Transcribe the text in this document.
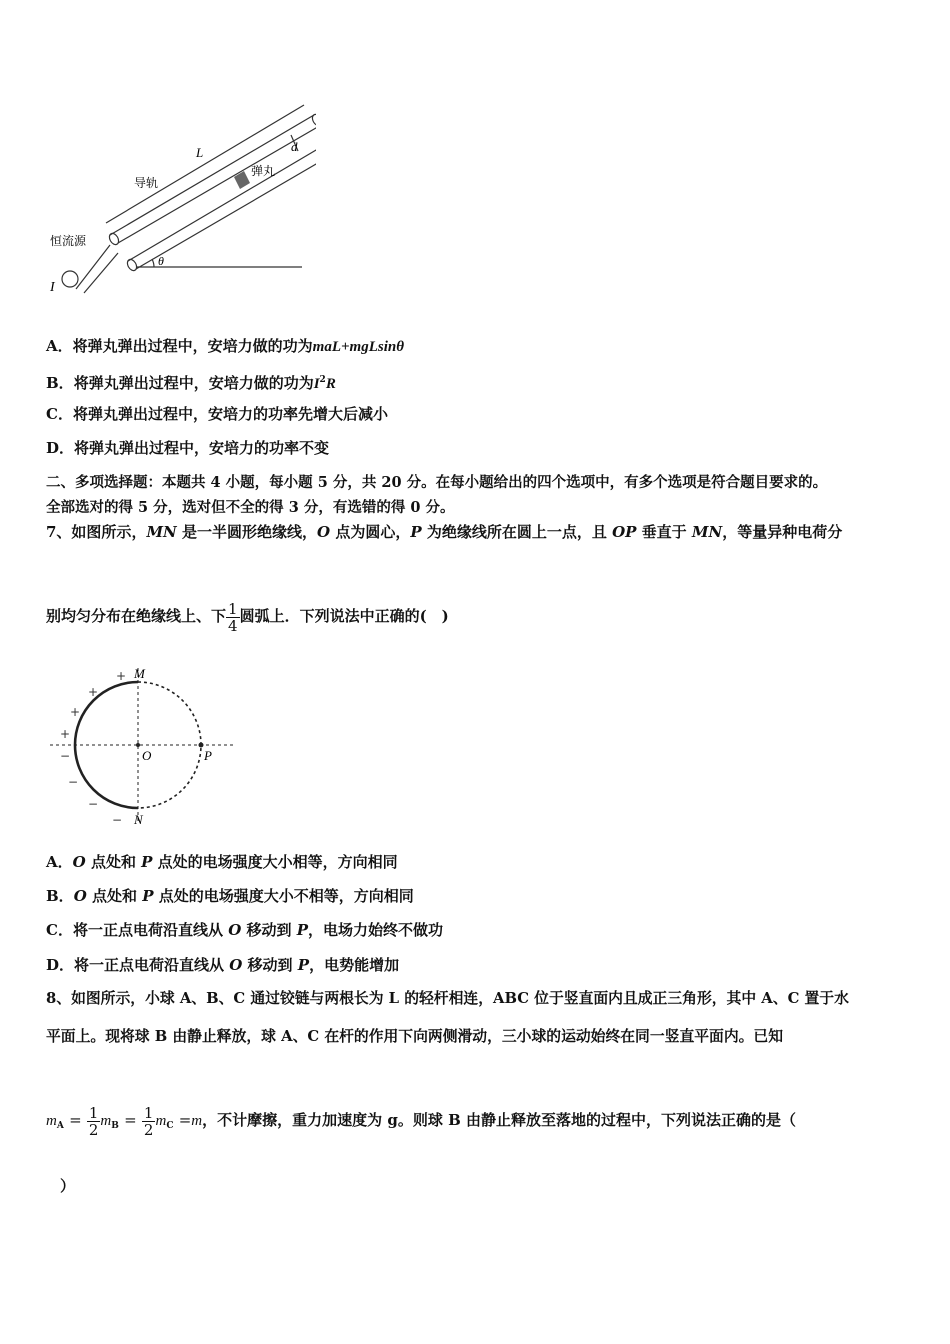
L	d
导轨
弹丸
恒流源
I
θ
A．将弹丸弹出过程中，安培力做的功为maL+mgLsinθ
B．将弹丸弹出过程中，安培力做的功为$I^2R$
C．将弹丸弹出过程中，安培力的功率先增大后减小
D．将弹丸弹出过程中，安培力的功率不变
二、多项选择题：本题共 4 小题，每小题 5 分，共 20 分。在每小题给出的四个选项中，有多个选项是符合题目要求的。
全部选对的得 5 分，选对但不全的得 3 分，有选错的得 0 分。
7、如图所示，MN 是一半圆形绝缘线，O 点为圆心，P 为绝缘线所在圆上一点，且 OP 垂直于 MN，等量异种电荷分
别均匀分布在绝缘线上、下 $\frac{1}{4}$ 圆弧上．下列说法中正确的(　)
M
N
O	P
+
+
+
+
−
−
−
−
A．O 点处和 P 点处的电场强度大小相等，方向相同
B．O 点处和 P 点处的电场强度大小不相等，方向相同
C．将一正点电荷沿直线从 O 移动到 P，电场力始终不做功
D．将一正点电荷沿直线从 O 移动到 P，电势能增加
8、如图所示，小球 A、B、C 通过铰链与两根长为 L 的轻杆相连，ABC 位于竖直面内且成正三角形，其中 A、C 置于水
平面上。现将球 B 由静止释放，球 A、C 在杆的作用下向两侧滑动，三小球的运动始终在同一竖直平面内。已知
$m_A = \frac{1}{2} m_B = \frac{1}{2} m_C =m$，不计摩擦，重力加速度为 g。则球 B 由静止释放至落地的过程中，下列说法正确的是（
）
